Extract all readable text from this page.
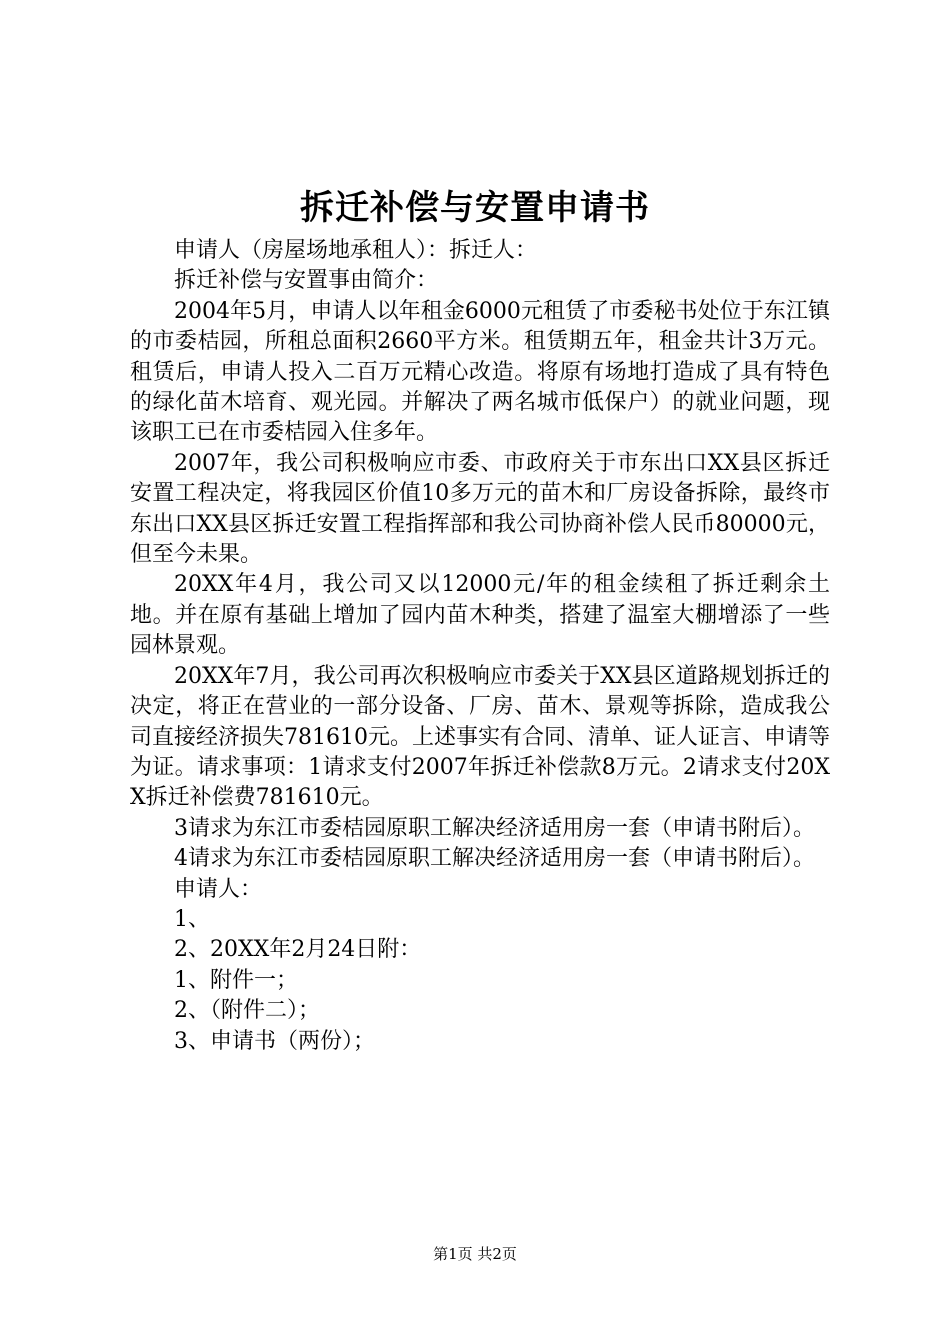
拆迁补偿与安置申请书

申请人（房屋场地承租人）：拆迁人：

拆迁补偿与安置事由简介：

2004年5月，申请人以年租金6000元租赁了市委秘书处位于东江镇的市委桔园，所租总面积2660平方米。租赁期五年，租金共计3万元。租赁后，申请人投入二百万元精心改造。将原有场地打造成了具有特色的绿化苗木培育、观光园。并解决了两名城市低保户）的就业问题，现该职工已在市委桔园入住多年。

2007年，我公司积极响应市委、市政府关于市东出口XX县区拆迁安置工程决定，将我园区价值10多万元的苗木和厂房设备拆除，最终市东出口XX县区拆迁安置工程指挥部和我公司协商补偿人民币80000元，但至今未果。

20XX年4月，我公司又以12000元/年的租金续租了拆迁剩余土地。并在原有基础上增加了园内苗木种类，搭建了温室大棚增添了一些园林景观。

20XX年7月，我公司再次积极响应市委关于XX县区道路规划拆迁的决定，将正在营业的一部分设备、厂房、苗木、景观等拆除，造成我公司直接经济损失781610元。上述事实有合同、清单、证人证言、申请等为证。请求事项：1请求支付2007年拆迁补偿款8万元。2请求支付20XX拆迁补偿费781610元。

3请求为东江市委桔园原职工解决经济适用房一套（申请书附后）。

4请求为东江市委桔园原职工解决经济适用房一套（申请书附后）。

申请人：

1、

2、20XX年2月24日附：

1、附件一；

2、（附件二）；

3、申请书（两份）；

第1页 共2页
